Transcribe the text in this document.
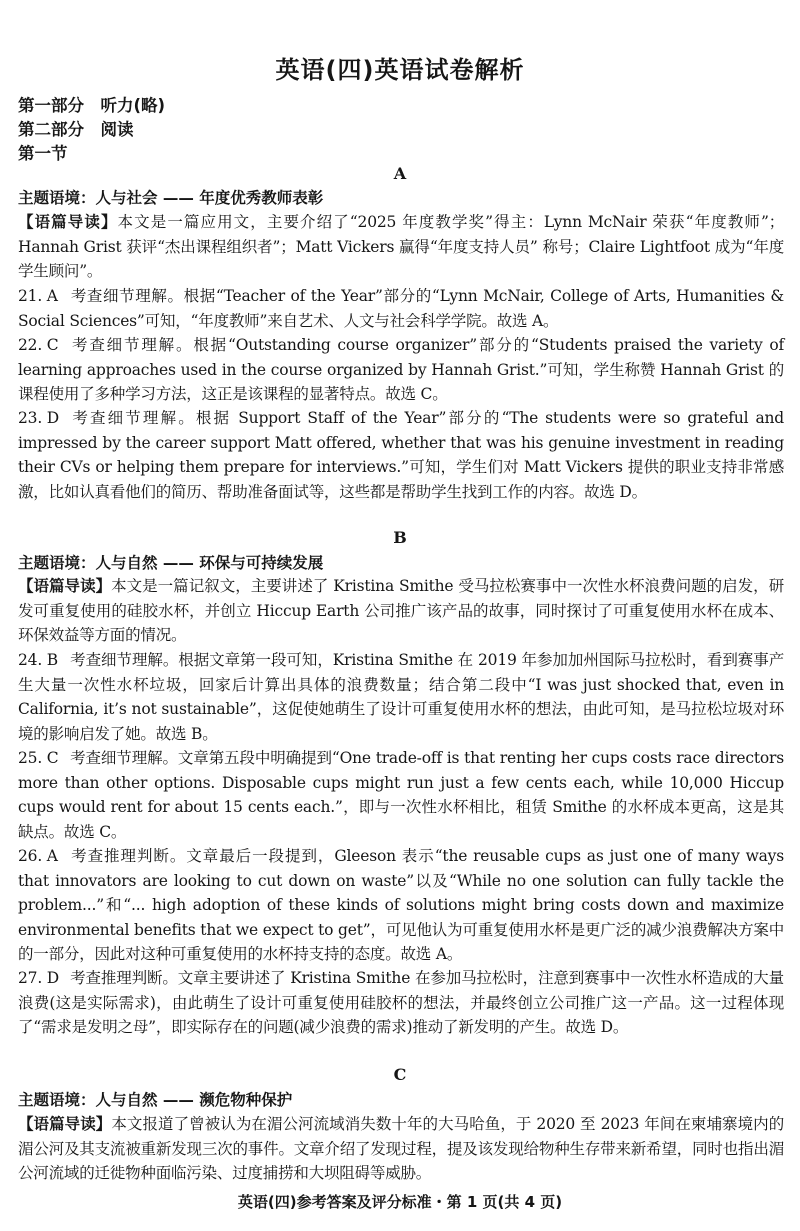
英语(四)英语试卷解析
第一部分　听力(略)
第二部分　阅读
第一节
A
主题语境：人与社会 —— 年度优秀教师表彰
【语篇导读】本文是一篇应用文，主要介绍了“2025 年度教学奖”得主：Lynn McNair 荣获“年度教师”；Hannah Grist 获评“杰出课程组织者”；Matt Vickers 赢得“年度支持人员” 称号；Claire Lightfoot 成为“年度学生顾问”。
21. A 考查细节理解。根据“Teacher of the Year”部分的“Lynn McNair, College of Arts, Humanities & Social Sciences”可知，“年度教师”来自艺术、人文与社会科学学院。故选 A。
22. C 考查细节理解。根据“Outstanding course organizer”部分的“Students praised the variety of learning approaches used in the course organized by Hannah Grist.”可知，学生称赞 Hannah Grist 的课程使用了多种学习方法，这正是该课程的显著特点。故选 C。
23. D 考查细节理解。根据 Support Staff of the Year”部分的“The students were so grateful and impressed by the career support Matt offered, whether that was his genuine investment in reading their CVs or helping them prepare for interviews.”可知，学生们对 Matt Vickers 提供的职业支持非常感激，比如认真看他们的简历、帮助准备面试等，这些都是帮助学生找到工作的内容。故选 D。
B
主题语境：人与自然 —— 环保与可持续发展
【语篇导读】本文是一篇记叙文，主要讲述了 Kristina Smithe 受马拉松赛事中一次性水杯浪费问题的启发，研发可重复使用的硅胶水杯，并创立 Hiccup Earth 公司推广该产品的故事，同时探讨了可重复使用水杯在成本、环保效益等方面的情况。
24. B 考查细节理解。根据文章第一段可知，Kristina Smithe 在 2019 年参加加州国际马拉松时，看到赛事产生大量一次性水杯垃圾，回家后计算出具体的浪费数量；结合第二段中“I was just shocked that, even in California, it’s not sustainable”，这促使她萌生了设计可重复使用水杯的想法，由此可知，是马拉松垃圾对环境的影响启发了她。故选 B。
25. C 考查细节理解。文章第五段中明确提到“One trade-off is that renting her cups costs race directors more than other options. Disposable cups might run just a few cents each, while 10,000 Hiccup cups would rent for about 15 cents each.”，即与一次性水杯相比，租赁 Smithe 的水杯成本更高，这是其缺点。故选 C。
26. A 考查推理判断。文章最后一段提到，Gleeson 表示“the reusable cups as just one of many ways that innovators are looking to cut down on waste”以及“While no one solution can fully tackle the problem...”和“... high adoption of these kinds of solutions might bring costs down and maximize environmental benefits that we expect to get”，可见他认为可重复使用水杯是更广泛的减少浪费解决方案中的一部分，因此对这种可重复使用的水杯持支持的态度。故选 A。
27. D 考查推理判断。文章主要讲述了 Kristina Smithe 在参加马拉松时，注意到赛事中一次性水杯造成的大量浪费(这是实际需求)，由此萌生了设计可重复使用硅胶杯的想法，并最终创立公司推广这一产品。这一过程体现了“需求是发明之母”，即实际存在的问题(减少浪费的需求)推动了新发明的产生。故选 D。
C
主题语境：人与自然 —— 濒危物种保护
【语篇导读】本文报道了曾被认为在湄公河流域消失数十年的大马哈鱼，于 2020 至 2023 年间在柬埔寨境内的湄公河及其支流被重新发现三次的事件。文章介绍了发现过程，提及该发现给物种生存带来新希望，同时也指出湄公河流域的迁徙物种面临污染、过度捕捞和大坝阻碍等威胁。
英语(四)参考答案及评分标准・第 1 页(共 4 页)
